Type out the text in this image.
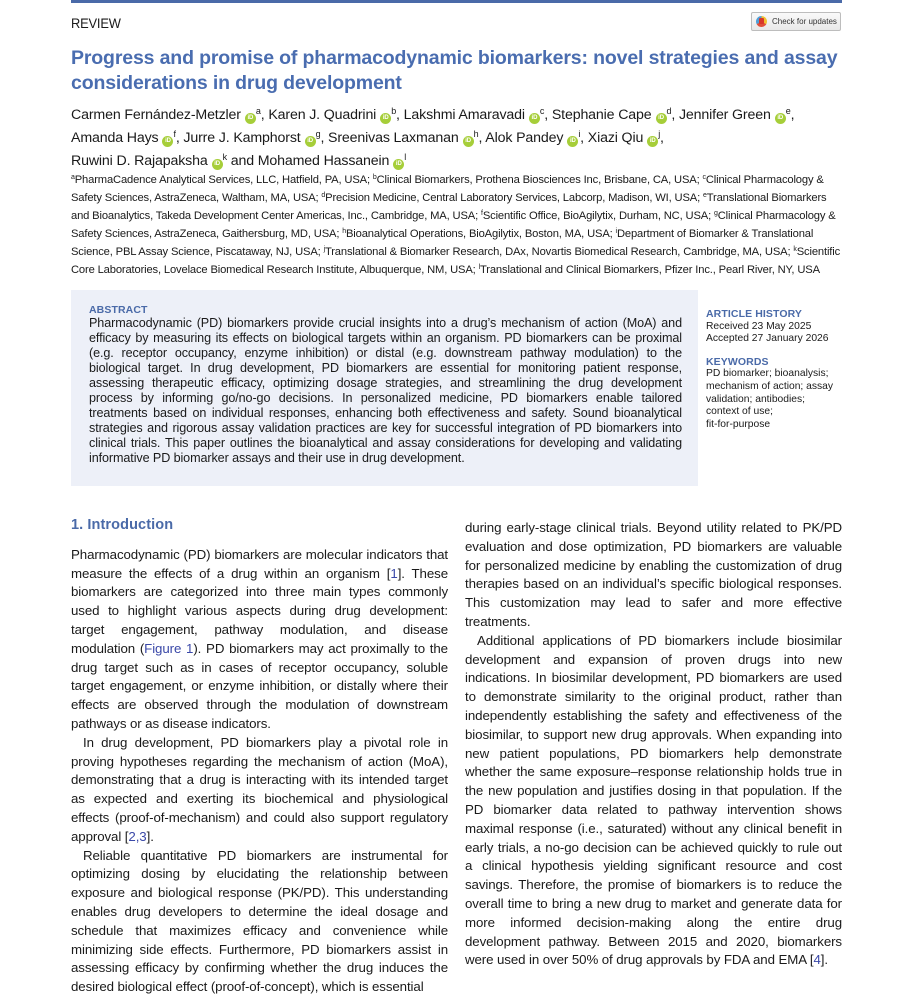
REVIEW	Check for updates
Progress and promise of pharmacodynamic biomarkers: novel strategies and assay considerations in drug development
Carmen Fernández-Metzler iD$^a$, Karen J. Quadrini iD$^b$, Lakshmi Amaravadi iD$^c$, Stephanie Cape iD$^d$, Jennifer Green iD$^e$,
Amanda Hays iD$^f$, Jurre J. Kamphorst iD$^g$, Sreenivas Laxmanan iD$^h$, Alok Pandey iD$^i$, Xiazi Qiu iD$^j$,
Ruwini D. Rajapaksha iD$^k$ and Mohamed Hassanein iD$^l$
$^a$PharmaCadence Analytical Services, LLC, Hatfield, PA, USA; $^b$Clinical Biomarkers, Prothena Biosciences Inc, Brisbane, CA, USA; $^c$Clinical Pharmacology & Safety Sciences, AstraZeneca, Waltham, MA, USA; $^d$Precision Medicine, Central Laboratory Services, Labcorp, Madison, WI, USA; $^e$Translational Biomarkers and Bioanalytics, Takeda Development Center Americas, Inc., Cambridge, MA, USA; $^f$Scientific Office, BioAgilytix, Durham, NC, USA; $^g$Clinical Pharmacology & Safety Sciences, AstraZeneca, Gaithersburg, MD, USA; $^h$Bioanalytical Operations, BioAgilytix, Boston, MA, USA; $^i$Department of Biomarker & Translational Science, PBL Assay Science, Piscataway, NJ, USA; $^j$Translational & Biomarker Research, DAx, Novartis Biomedical Research, Cambridge, MA, USA; $^k$Scientific Core Laboratories, Lovelace Biomedical Research Institute, Albuquerque, NM, USA; $^l$Translational and Clinical Biomarkers, Pfizer Inc., Pearl River, NY, USA
ABSTRACT
Pharmacodynamic (PD) biomarkers provide crucial insights into a drug’s mechanism of action (MoA) and efficacy by measuring its effects on biological targets within an organism. PD biomarkers can be proximal (e.g. receptor occupancy, enzyme inhibition) or distal (e.g. downstream pathway modulation) to the biological target. In drug development, PD biomarkers are essential for monitoring patient response, assessing therapeutic efficacy, optimizing dosage strategies, and streamlining the drug development process by informing go/no-go decisions. In personalized medicine, PD biomarkers enable tailored treatments based on individual responses, enhancing both effectiveness and safety. Sound bioanalytical strategies and rigorous assay validation practices are key for successful integration of PD biomarkers into clinical trials. This paper outlines the bioanalytical and assay considerations for developing and validating informative PD biomarker assays and their use in drug development.
ARTICLE HISTORY
Received 23 May 2025
Accepted 27 January 2026
KEYWORDS
PD biomarker; bioanalysis;
mechanism of action; assay
validation; antibodies;
context of use;
fit-for-purpose
1. Introduction

Pharmacodynamic (PD) biomarkers are molecular indicators that measure the effects of a drug within an organism [1]. These biomarkers are categorized into three main types commonly used to highlight various aspects during drug development: target engagement, pathway modulation, and disease modulation (Figure 1). PD biomarkers may act proximally to the drug target such as in cases of receptor occupancy, soluble target engagement, or enzyme inhibition, or distally where their effects are observed through the modulation of downstream pathways or as disease indicators.

In drug development, PD biomarkers play a pivotal role in proving hypotheses regarding the mechanism of action (MoA), demonstrating that a drug is interacting with its intended target as expected and exerting its biochemical and physiological effects (proof-of-mechanism) and could also support regulatory approval [2,3].

Reliable quantitative PD biomarkers are instrumental for optimizing dosing by elucidating the relationship between exposure and biological response (PK/PD). This understanding enables drug developers to determine the ideal dosage and schedule that maximizes efficacy and convenience while minimizing side effects. Furthermore, PD biomarkers assist in assessing efficacy by confirming whether the drug induces the desired biological effect (proof-of-concept), which is essential

during early-stage clinical trials. Beyond utility related to PK/PD evaluation and dose optimization, PD biomarkers are valuable for personalized medicine by enabling the customization of drug therapies based on an individual’s specific biological responses. This customization may lead to safer and more effective treatments.

Additional applications of PD biomarkers include biosimilar development and expansion of proven drugs into new indications. In biosimilar development, PD biomarkers are used to demonstrate similarity to the original product, rather than independently establishing the safety and effectiveness of the biosimilar, to support new drug approvals. When expanding into new patient populations, PD biomarkers help demonstrate whether the same exposure–response relationship holds true in the new population and justifies dosing in that population. If the PD biomarker data related to pathway intervention shows maximal response (i.e., saturated) without any clinical benefit in early trials, a no-go decision can be achieved quickly to rule out a clinical hypothesis yielding significant resource and cost savings. Therefore, the promise of biomarkers is to reduce the overall time to bring a new drug to market and generate data for more informed decision-making along the entire drug development pathway. Between 2015 and 2020, biomarkers were used in over 50% of drug approvals by FDA and EMA [4].
